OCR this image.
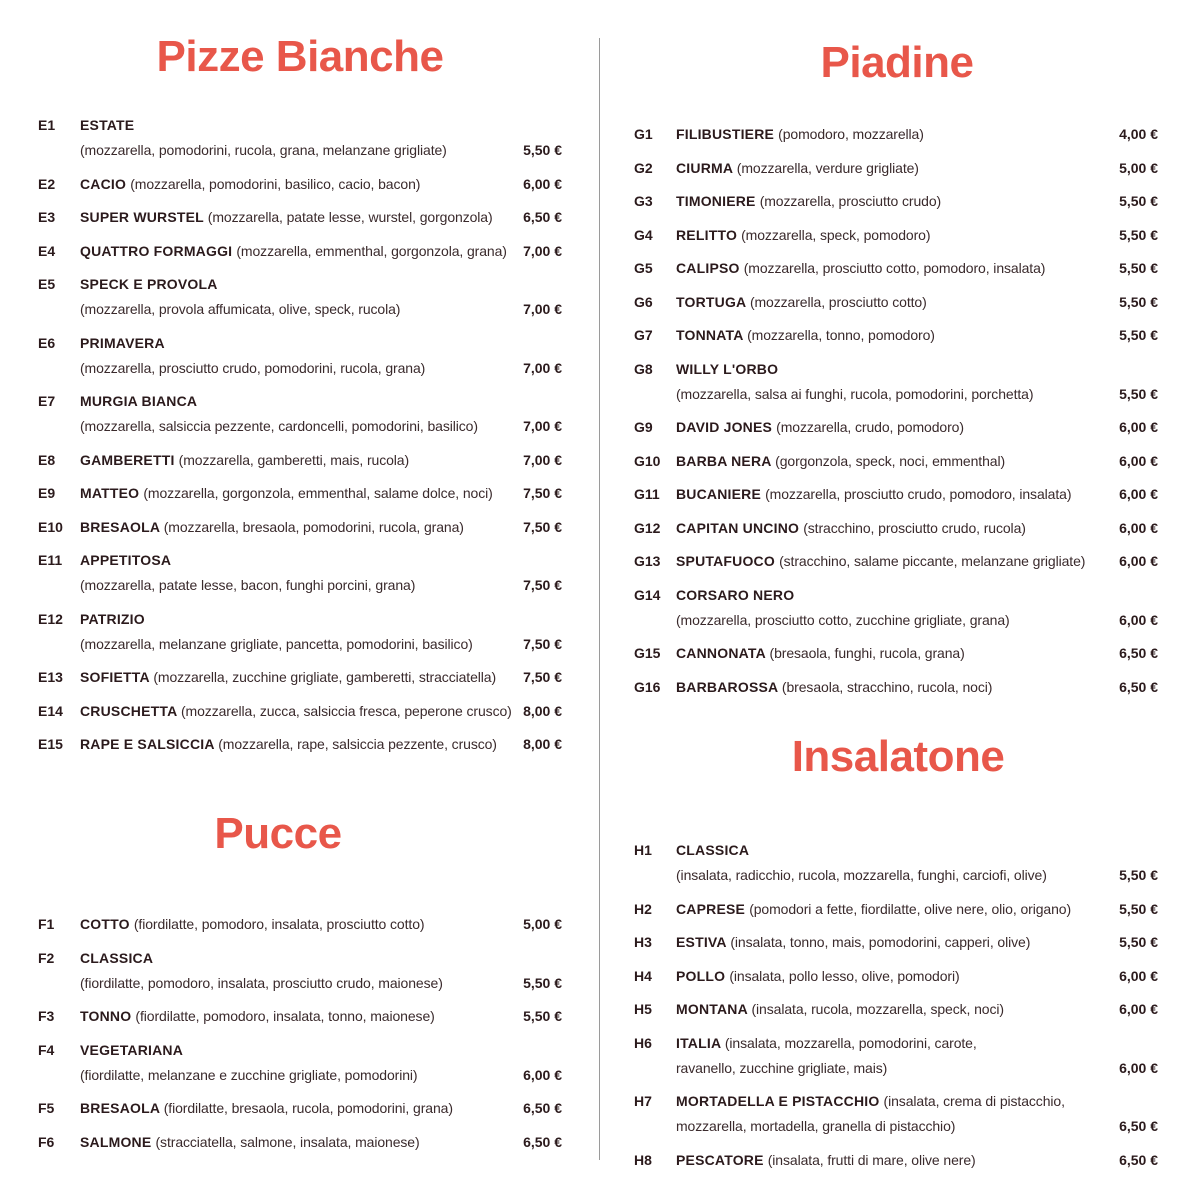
Pizze Bianche
E1 ESTATE
(mozzarella, pomodorini, rucola, grana, melanzane grigliate)	5,50 €
E2 CACIO (mozzarella, pomodorini, basilico, cacio, bacon)	6,00 €
E3 SUPER WURSTEL (mozzarella, patate lesse, wurstel, gorgonzola) 6,50 €
E4 QUATTRO FORMAGGI (mozzarella, emmenthal, gorgonzola, grana) 7,00 €
E5 SPECK E PROVOLA
(mozzarella, provola affumicata, olive, speck, rucola)	7,00 €
E6 PRIMAVERA
(mozzarella, prosciutto crudo, pomodorini, rucola, grana)	7,00 €
E7 MURGIA BIANCA
(mozzarella, salsiccia pezzente, cardoncelli, pomodorini, basilico)	7,00 €
E8 GAMBERETTI (mozzarella, gamberetti, mais, rucola)	7,00 €
E9 MATTEO (mozzarella, gorgonzola, emmenthal, salame dolce, noci) 7,50 €
E10 BRESAOLA (mozzarella, bresaola, pomodorini, rucola, grana)	7,50 €
E11 APPETITOSA
(mozzarella, patate lesse, bacon, funghi porcini, grana)	7,50 €
E12 PATRIZIO
(mozzarella, melanzane grigliate, pancetta, pomodorini, basilico)	7,50 €
E13 SOFIETTA (mozzarella, zucchine grigliate, gamberetti, stracciatella) 7,50 €
E14 CRUSCHETTA (mozzarella, zucca, salsiccia fresca, peperone crusco) 8,00 €
E15 RAPE E SALSICCIA (mozzarella, rape, salsiccia pezzente, crusco) 8,00 €
Pucce
F1 COTTO (fiordilatte, pomodoro, insalata, prosciutto cotto)	5,00 €
F2 CLASSICA
(fiordilatte, pomodoro, insalata, prosciutto crudo, maionese)	5,50 €
F3 TONNO (fiordilatte, pomodoro, insalata, tonno, maionese)	5,50 €
F4 VEGETARIANA
(fiordilatte, melanzane e zucchine grigliate, pomodorini)	6,00 €
F5 BRESAOLA (fiordilatte, bresaola, rucola, pomodorini, grana)	6,50 €
F6 SALMONE (stracciatella, salmone, insalata, maionese)	6,50 €
Piadine
G1 FILIBUSTIERE (pomodoro, mozzarella)	4,00 €
G2 CIURMA (mozzarella, verdure grigliate)	5,00 €
G3 TIMONIERE (mozzarella, prosciutto crudo)	5,50 €
G4 RELITTO (mozzarella, speck, pomodoro)	5,50 €
G5 CALIPSO (mozzarella, prosciutto cotto, pomodoro, insalata)	5,50 €
G6 TORTUGA (mozzarella, prosciutto cotto)	5,50 €
G7 TONNATA (mozzarella, tonno, pomodoro)	5,50 €
G8 WILLY L'ORBO
(mozzarella, salsa ai funghi, rucola, pomodorini, porchetta)	5,50 €
G9 DAVID JONES (mozzarella, crudo, pomodoro)	6,00 €
G10 BARBA NERA (gorgonzola, speck, noci, emmenthal)	6,00 €
G11 BUCANIERE (mozzarella, prosciutto crudo, pomodoro, insalata)	6,00 €
G12 CAPITAN UNCINO (stracchino, prosciutto crudo, rucola)	6,00 €
G13 SPUTAFUOCO (stracchino, salame piccante, melanzane grigliate) 6,00 €
G14 CORSARO NERO
(mozzarella, prosciutto cotto, zucchine grigliate, grana)	6,00 €
G15 CANNONATA (bresaola, funghi, rucola, grana)	6,50 €
G16 BARBAROSSA (bresaola, stracchino, rucola, noci)	6,50 €
Insalatone
H1 CLASSICA
(insalata, radicchio, rucola, mozzarella, funghi, carciofi, olive)	5,50 €
H2 CAPRESE (pomodori a fette, fiordilatte, olive nere, olio, origano)	5,50 €
H3 ESTIVA (insalata, tonno, mais, pomodorini, capperi, olive)	5,50 €
H4 POLLO (insalata, pollo lesso, olive, pomodori)	6,00 €
H5 MONTANA (insalata, rucola, mozzarella, speck, noci)	6,00 €
H6 ITALIA (insalata, mozzarella, pomodorini, carote,
ravanello, zucchine grigliate, mais)	6,00 €
H7 MORTADELLA E PISTACCHIO (insalata, crema di pistacchio,
mozzarella, mortadella, granella di pistacchio)	6,50 €
H8 PESCATORE (insalata, frutti di mare, olive nere)	6,50 €
